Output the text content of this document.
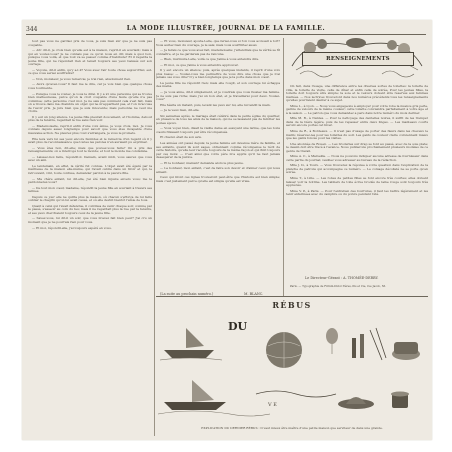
344	LA MODE ILLUSTRÉE, JOURNAL DE LA FAMILLE.

tout pas vous ne gardiez pris de vous, je suis bien sûr que je ne suis pas coupable.

— Ah! dit-il, je crois bien qu'elle est à la maison, reprit-il en souriant; mais à qui en voulez-vous? Je ne connais pas ce qu'on nous en dit; mais à quoi bon, puisque vous voilà, et que tout va se passer comme d'habitude? Et il regarda la jeune fille, qui ne répondait rien et tenait toujours ses yeux baissés sur son ouvrage.

— Voyons, dit-il enfin, qu'y a-t-il? Vous avez l'air toute chose aujourd'hui; est-ce que vous seriez souffrante?

— Non, monsieur, je vous remercie; je n'ai rien, absolument rien.

— Alors qu'avez-vous? Il faut me le dire, car je vois bien que quelque chose vous tourmente.

— Puisque vous le voulez, je vous le dirai. Il y a ici une personne qui se trouve bien malheureuse, parce qu'on la croit coupable d'une faute qu'elle n'a pas commise; cette personne c'est moi. Je ne sais pas comment cela s'est fait, mais on a trouvé dans ma chambre un objet qui ne m'appartient pas, et l'on m'accuse de l'avoir pris. Je jure bien que je suis innocente; mais personne ne veut me croire.

Il y eut un long silence. La jeune fille pleurait doucement, et l'homme, debout près de la fenêtre, regardait la rue sans rien voir.

— Mademoiselle, reprit-il enfin d'une voix émue, je vous crois, moi. Je vous connais depuis assez longtemps pour savoir que vous êtes incapable d'une mauvaise action. Ne pleurez plus; tout s'arrangera, je vous le promets.

Elle leva vers lui ses yeux encore humides et le remercia d'un regard où il y avait plus de reconnaissance que toutes les paroles n'en auraient pu exprimer.

— Vous êtes bon, dit-elle; mais que pouvez-vous faire? On a pris des renseignements; on a interrogé tout le monde; et tout le monde me condamne.

— Laissez-moi faire, répondit-il. Demain, avant midi, vous saurez que vous avez un ami.

Le lendemain, en effet, la vérité fut connue. L'objet avait été égaré par la maîtresse de la maison elle-même, qui l'avait oublié dans un tiroir et qui, le retrouvant, vint, toute confuse, demander pardon à la pauvre fille.

— Ma chère enfant, lui dit-elle, j'ai été bien injuste envers vous; me le pardonnerez-vous?

— De tout mon cœur, madame, répondit la jeune fille en souriant à travers ses larmes.

Depuis ce jour elle ne quitta plus la maison, où chacun s'efforça de lui faire oublier le chagrin qu'on lui avait causé, et où elle devint bientôt l'amie de tous.

Quant à celui qui l'avait défendue, il continua de venir chaque soir, comme par le passé, s'asseoir au coin du feu; mais il ne regardait plus la rue par la fenêtre, et ses yeux cherchaient toujours ceux de la jeune fille.

— Savez-vous, lui dit-il un soir, que vous m'avez fait bien peur? J'ai cru un moment que je ne pourrais rien pour vous.

— Et moi, répondit-elle, j'ai toujours espéré en vous.

— Et vous, monsieur, ajouta-t-elle, que feriez-vous si l'on vous accusait à tort? Vous auriez bien du courage, je le sais; mais vous souffririez aussi.

— Je ferais ce que vous avez fait, mademoiselle: j'attendrais que la vérité se fît connaître, et je ne garderais pas de rancune.

— Bien, murmura-t-elle, voilà ce que j'aime à vous entendre dire.

— Et moi, ce que j'aime à vous entendre approuver.

Il y eut encore un silence; puis, après quelques instants, il reprit d'une voix plus basse: — Voulez-vous me permettre de vous dire une chose que je n'ai jamais osé vous dire? Il y a bien longtemps que je la porte dans mon cœur.

La jeune fille ne répondit rien; mais elle rougit, et son ouvrage lui échappa des mains.

— Je vous aime, dit-il simplement, et je voudrais que vous fussiez ma femme. Je ne suis pas riche; mais j'ai un bon état, et je travaillerai pour deux. Voulez-vous?

Elle hésita un instant, puis, levant les yeux sur lui, elle lui tendit la main.

— Je le veux bien, dit-elle.

Six semaines après, le mariage était célébré dans la petite église du quartier, en présence de tous les amis de la maison, qui ne se lassaient pas de féliciter les jeunes époux.

— Vous voyez bien, disait la vieille dame en essuyant une larme, que les bons cœurs finissent toujours par être récompensés.

Et chacun était de son avis.

Les années ont passé depuis; la jeune femme est devenue mère de famille, et ses enfants, quand ils sont sages, obtiennent comme récompense le récit de cette histoire, qu'elle leur raconte toujours de la même façon et qui finit toujours par ces mots: — C'est ainsi que votre père m'a appris qu'il ne faut jamais désespérer de la justice.

— Et le bonheur, maman? demande alors le plus jeune.

— Le bonheur, mon enfant, c'est de faire son devoir et d'aimer ceux qui nous aiment.

Ceux qui liront ces lignes trouveront peut-être que l'histoire est bien simple; mais c'est justement parce qu'elle est simple qu'elle est vraie.

(La suite au prochain numéro.)	M. BLANC.
RENSEIGNEMENTS

On fait, dans l'usage, une différence entre les diverses sortes de toilettes: la toilette de ville, la toilette de visite, celle de dîner et enfin celle de soirée. Pour les jeunes filles, la toilette doit toujours être simple; la soie et le velours doivent être réservés aux femmes mariées. — Nos lectrices trouveront dans nos numéros précédents tous les renseignements qu'elles pourraient désirer à ce sujet.

Mme L., à Lyon. — Nous vous engageons à employer pour votre robe la nuance gris perle, garnie de velours de la même couleur; cette toilette conviendra parfaitement à votre âge et à la saison. — Le patron que vous demandez a paru dans notre numéro du mois dernier.

Mlle M. B., à Nantes. — Pour le nettoyage des dentelles noires, il suffit de les tremper dans de la bière légère, puis de les repasser entre deux linges. — Les manteaux courts seront encore portés cet hiver.

Mme de R., à Bordeaux. — Il n'est pas d'usage de porter des fleurs dans les cheveux le matin; réservez-les pour les toilettes du soir. Les gants de couleur claire conviennent mieux que les gants foncés pour les visites.

Une abonnée de Rouen. — Les broderies sur drap se font au passé, avec de la soie plate; le dessin doit être tracé à l'avance. Nous publierons prochainement plusieurs modèles de ce genre de travail.

Mme A. C., à Marseille. — Nous ne pouvons indiquer aucune adresse de fournisseur dans cette partie du journal; veuillez vous adresser au bureau de la rédaction.

Mlle J. D., à Tours. — Vous trouverez la réponse à votre question dans l'explication de la planche de patrons qui accompagne ce numéro. — Le corsage décolleté ne se porte qu'en soirée.

Mme T., à Lille. — Les robes de petites filles se font encore très courtes; elles doivent laisser voir la bottine. Les tabliers de toile écrue brodés de laine rouge sont toujours très appréciés.

Mme V. P., à Paris. — Pour l'entretien des fourrures, il faut les battre légèrement et les tenir enfermées avec du camphre ou du poivre pendant l'été.

Le Directeur-Gérant : A. THOMÉE-DERBY.
Paris. — Typographie de Firmin-Didot frères, fils et Cie, rue Jacob, 56.
RÉBUS
V E
DU
EXPLICATION DU DERNIER RÉBUS : Il vaut mieux être maître d'une petite maison que serviteur de dans une grande.
